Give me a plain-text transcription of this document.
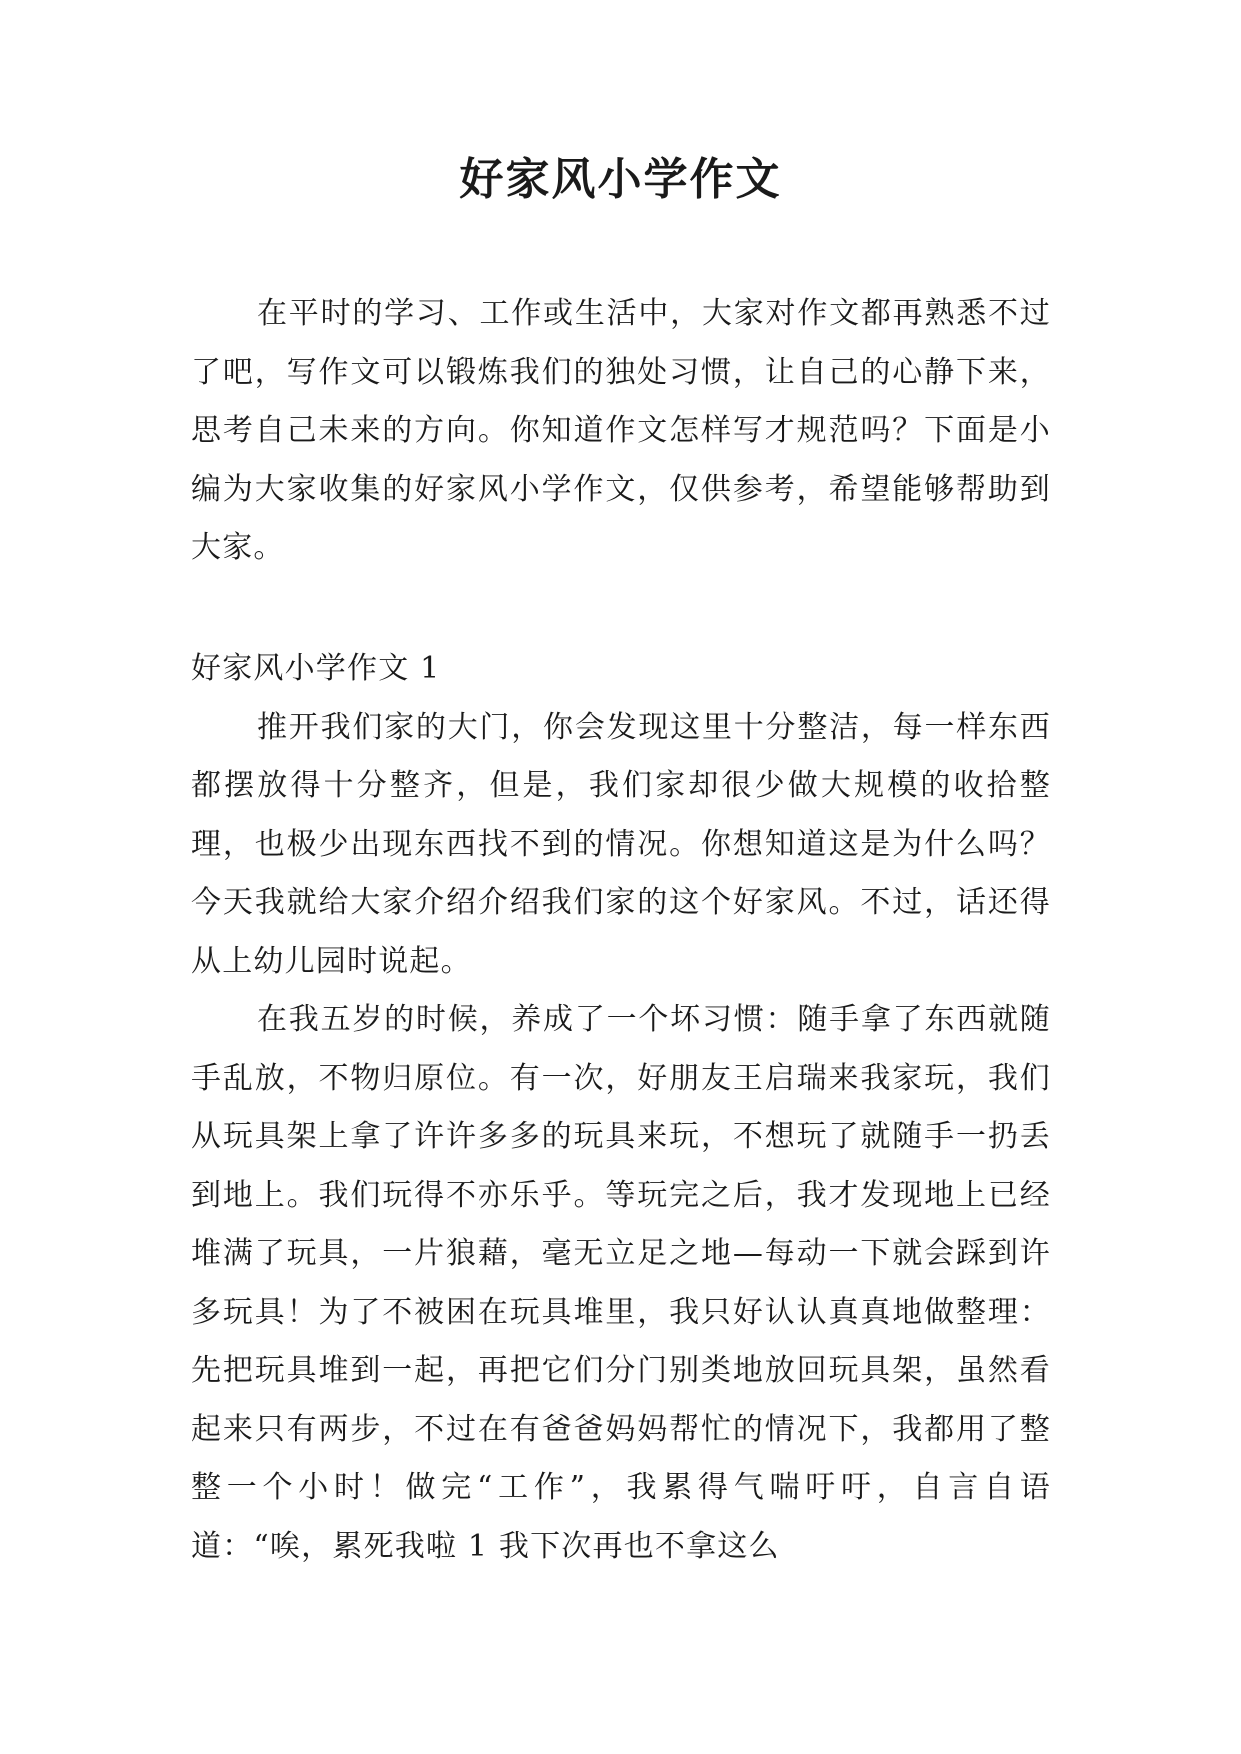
好家风小学作文

在平时的学习、工作或生活中，大家对作文都再熟悉不过了吧，写作文可以锻炼我们的独处习惯，让自己的心静下来，思考自己未来的方向。你知道作文怎样写才规范吗？下面是小编为大家收集的好家风小学作文，仅供参考，希望能够帮助到大家。

好家风小学作文 1

推开我们家的大门，你会发现这里十分整洁，每一样东西都摆放得十分整齐，但是，我们家却很少做大规模的收拾整理，也极少出现东西找不到的情况。你想知道这是为什么吗？今天我就给大家介绍介绍我们家的这个好家风。不过，话还得从上幼儿园时说起。

在我五岁的时候，养成了一个坏习惯：随手拿了东西就随手乱放，不物归原位。有一次，好朋友王启瑞来我家玩，我们从玩具架上拿了许许多多的玩具来玩，不想玩了就随手一扔丢到地上。我们玩得不亦乐乎。等玩完之后，我才发现地上已经堆满了玩具，一片狼藉，毫无立足之地—每动一下就会踩到许多玩具！为了不被困在玩具堆里，我只好认认真真地做整理：先把玩具堆到一起，再把它们分门别类地放回玩具架，虽然看起来只有两步，不过在有爸爸妈妈帮忙的情况下，我都用了整整一个小时！做完“工作”，我累得气喘吁吁，自言自语道：“唉，累死我啦 1 我下次再也不拿这么
